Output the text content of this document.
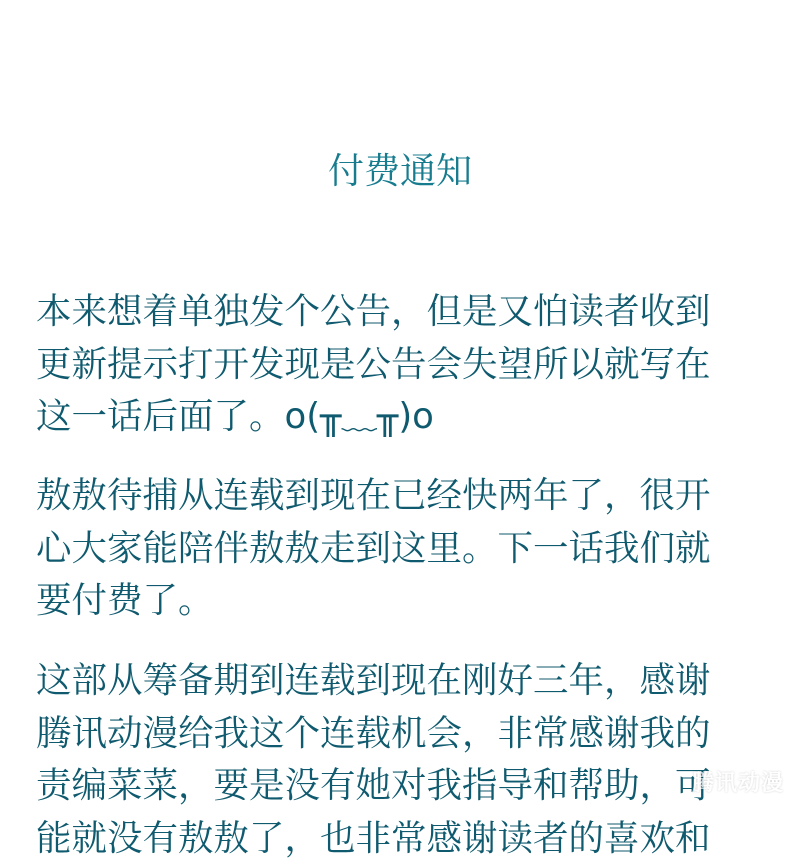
付费通知
本来想着单独发个公告，但是又怕读者收到
更新提示打开发现是公告会失望所以就写在
这一话后面了。o(╥﹏╥)o
敖敖待捕从连载到现在已经快两年了，很开
心大家能陪伴敖敖走到这里。下一话我们就
要付费了。
这部从筹备期到连载到现在刚好三年，感谢
腾讯动漫给我这个连载机会，非常感谢我的
责编菜菜，要是没有她对我指导和帮助，可
能就没有敖敖了，也非常感谢读者的喜欢和
腾讯动漫
